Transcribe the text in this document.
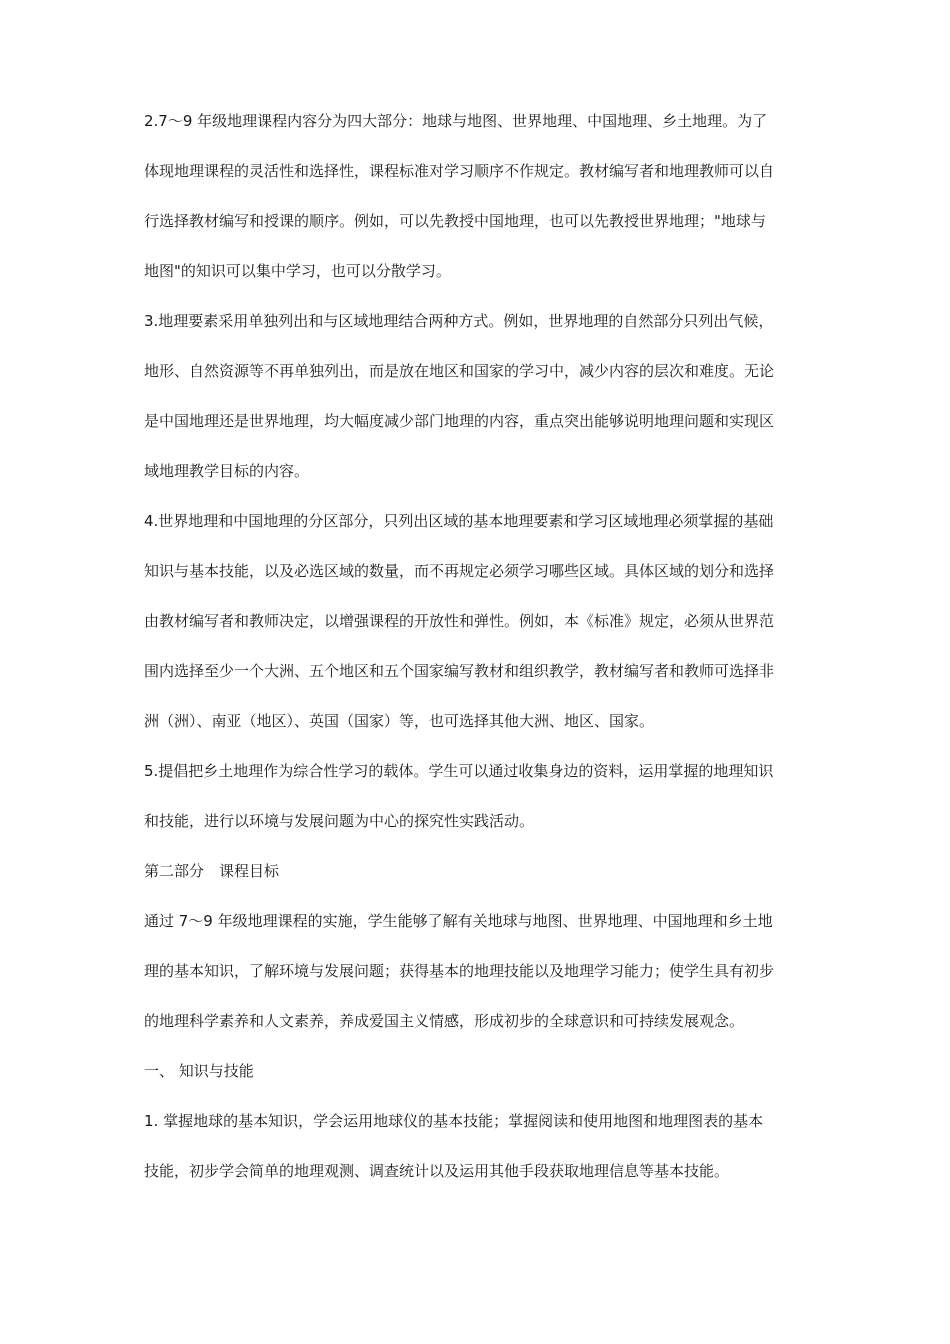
2.7～9 年级地理课程内容分为四大部分：地球与地图、世界地理、中国地理、乡土地理。为了
体现地理课程的灵活性和选择性，课程标准对学习顺序不作规定。教材编写者和地理教师可以自
行选择教材编写和授课的顺序。例如，可以先教授中国地理，也可以先教授世界地理；"地球与
地图"的知识可以集中学习，也可以分散学习。
3.地理要素采用单独列出和与区域地理结合两种方式。例如，世界地理的自然部分只列出气候，
地形、自然资源等不再单独列出，而是放在地区和国家的学习中，减少内容的层次和难度。无论
是中国地理还是世界地理，均大幅度减少部门地理的内容，重点突出能够说明地理问题和实现区
域地理教学目标的内容。
4.世界地理和中国地理的分区部分，只列出区域的基本地理要素和学习区域地理必须掌握的基础
知识与基本技能，以及必选区域的数量，而不再规定必须学习哪些区域。具体区域的划分和选择
由教材编写者和教师决定，以增强课程的开放性和弹性。例如，本《标准》规定，必须从世界范
围内选择至少一个大洲、五个地区和五个国家编写教材和组织教学，教材编写者和教师可选择非
洲（洲）、南亚（地区）、英国（国家）等，也可选择其他大洲、地区、国家。
5.提倡把乡土地理作为综合性学习的载体。学生可以通过收集身边的资料，运用掌握的地理知识
和技能，进行以环境与发展问题为中心的探究性实践活动。
第二部分　课程目标
通过 7～9 年级地理课程的实施，学生能够了解有关地球与地图、世界地理、中国地理和乡土地
理的基本知识，了解环境与发展问题；获得基本的地理技能以及地理学习能力；使学生具有初步
的地理科学素养和人文素养，养成爱国主义情感，形成初步的全球意识和可持续发展观念。
一、 知识与技能
1. 掌握地球的基本知识，学会运用地球仪的基本技能；掌握阅读和使用地图和地理图表的基本
技能，初步学会简单的地理观测、调查统计以及运用其他手段获取地理信息等基本技能。
